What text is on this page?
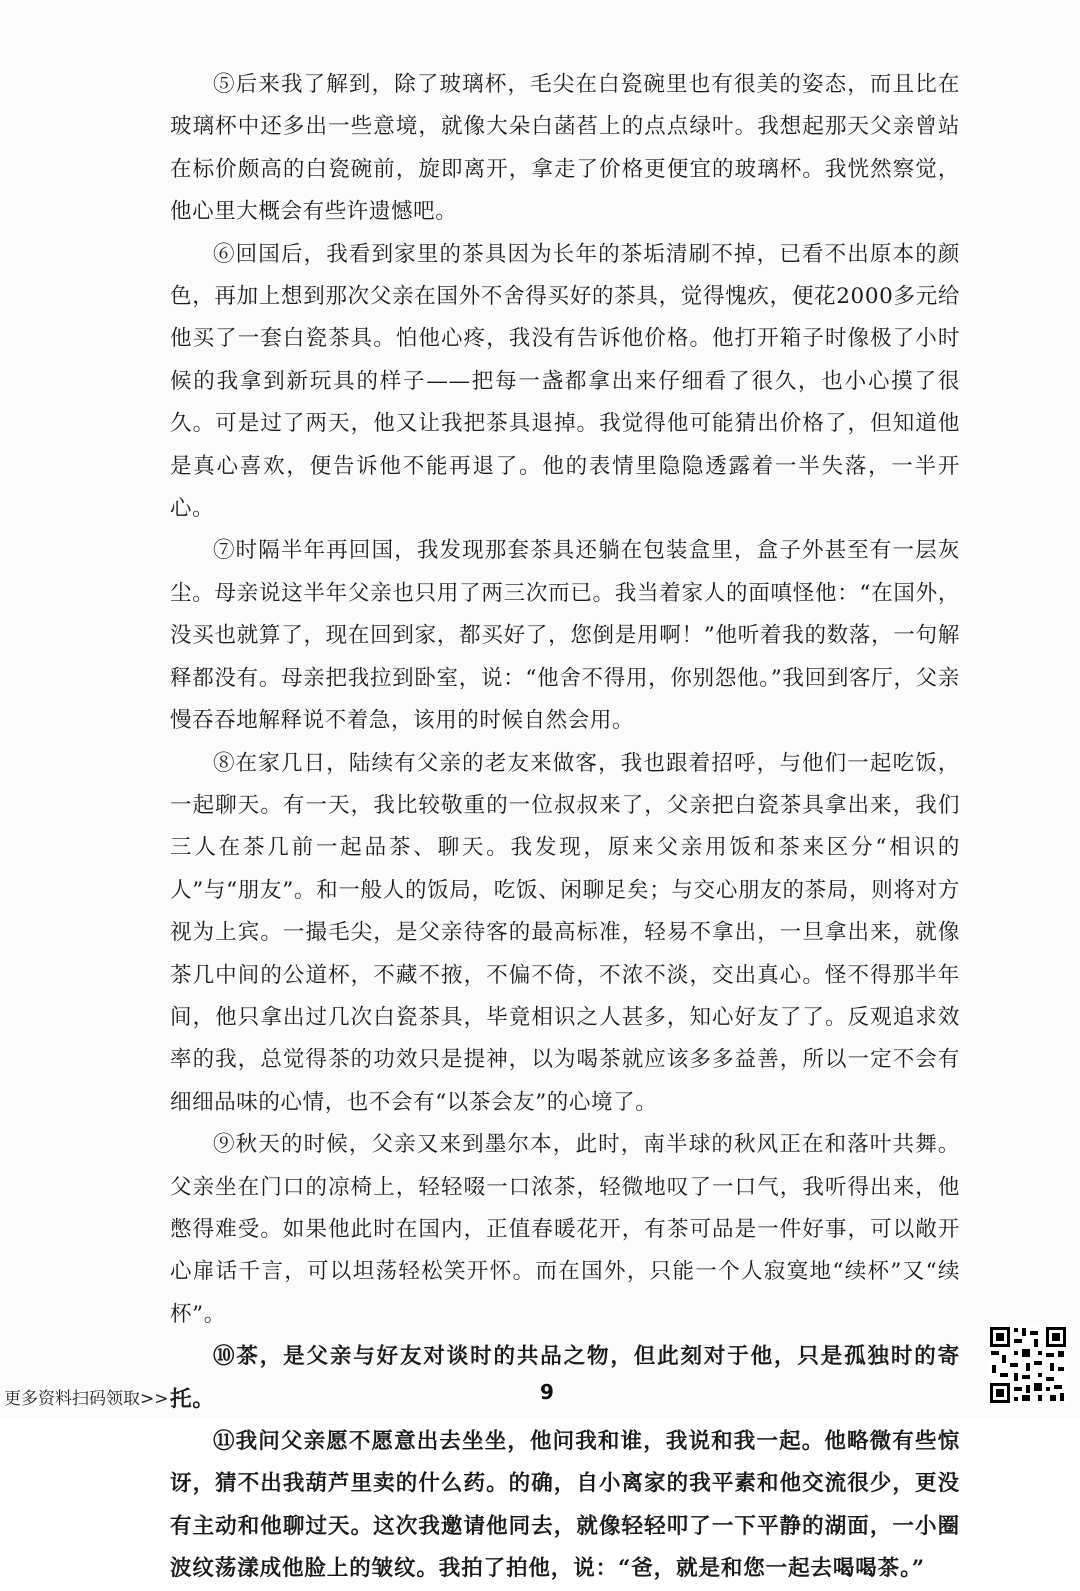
⑤后来我了解到，除了玻璃杯，毛尖在白瓷碗里也有很美的姿态，而且比在玻璃杯中还多出一些意境，就像大朵白菡萏上的点点绿叶。我想起那天父亲曾站在标价颇高的白瓷碗前，旋即离开，拿走了价格更便宜的玻璃杯。我恍然察觉，他心里大概会有些许遗憾吧。

⑥回国后，我看到家里的茶具因为长年的茶垢清刷不掉，已看不出原本的颜色，再加上想到那次父亲在国外不舍得买好的茶具，觉得愧疚，便花2000多元给他买了一套白瓷茶具。怕他心疼，我没有告诉他价格。他打开箱子时像极了小时候的我拿到新玩具的样子——把每一盏都拿出来仔细看了很久，也小心摸了很久。可是过了两天，他又让我把茶具退掉。我觉得他可能猜出价格了，但知道他是真心喜欢，便告诉他不能再退了。他的表情里隐隐透露着一半失落，一半开心。

⑦时隔半年再回国，我发现那套茶具还躺在包装盒里，盒子外甚至有一层灰尘。母亲说这半年父亲也只用了两三次而已。我当着家人的面嗔怪他：“在国外，没买也就算了，现在回到家，都买好了，您倒是用啊！”他听着我的数落，一句解释都没有。母亲把我拉到卧室，说：“他舍不得用，你别怨他。”我回到客厅，父亲慢吞吞地解释说不着急，该用的时候自然会用。

⑧在家几日，陆续有父亲的老友来做客，我也跟着招呼，与他们一起吃饭，一起聊天。有一天，我比较敬重的一位叔叔来了，父亲把白瓷茶具拿出来，我们三人在茶几前一起品茶、聊天。我发现，原来父亲用饭和茶来区分“相识的人”与“朋友”。和一般人的饭局，吃饭、闲聊足矣；与交心朋友的茶局，则将对方视为上宾。一撮毛尖，是父亲待客的最高标准，轻易不拿出，一旦拿出来，就像茶几中间的公道杯，不藏不掖，不偏不倚，不浓不淡，交出真心。怪不得那半年间，他只拿出过几次白瓷茶具，毕竟相识之人甚多，知心好友了了。反观追求效率的我，总觉得茶的功效只是提神，以为喝茶就应该多多益善，所以一定不会有细细品味的心情，也不会有“以茶会友”的心境了。

⑨秋天的时候，父亲又来到墨尔本，此时，南半球的秋风正在和落叶共舞。父亲坐在门口的凉椅上，轻轻啜一口浓茶，轻微地叹了一口气，我听得出来，他憋得难受。如果他此时在国内，正值春暖花开，有茶可品是一件好事，可以敞开心扉话千言，可以坦荡轻松笑开怀。而在国外，只能一个人寂寞地“续杯”又“续杯”。

⑩茶，是父亲与好友对谈时的共品之物，但此刻对于他，只是孤独时的寄托。

⑪我问父亲愿不愿意出去坐坐，他问我和谁，我说和我一起。他略微有些惊讶，猜不出我葫芦里卖的什么药。的确，自小离家的我平素和他交流很少，更没有主动和他聊过天。这次我邀请他同去，就像轻轻叩了一下平静的湖面，一小圈波纹荡漾成他脸上的皱纹。我拍了拍他，说：“爸，就是和您一起去喝喝茶。”

更多资料扫码领取>>	9
